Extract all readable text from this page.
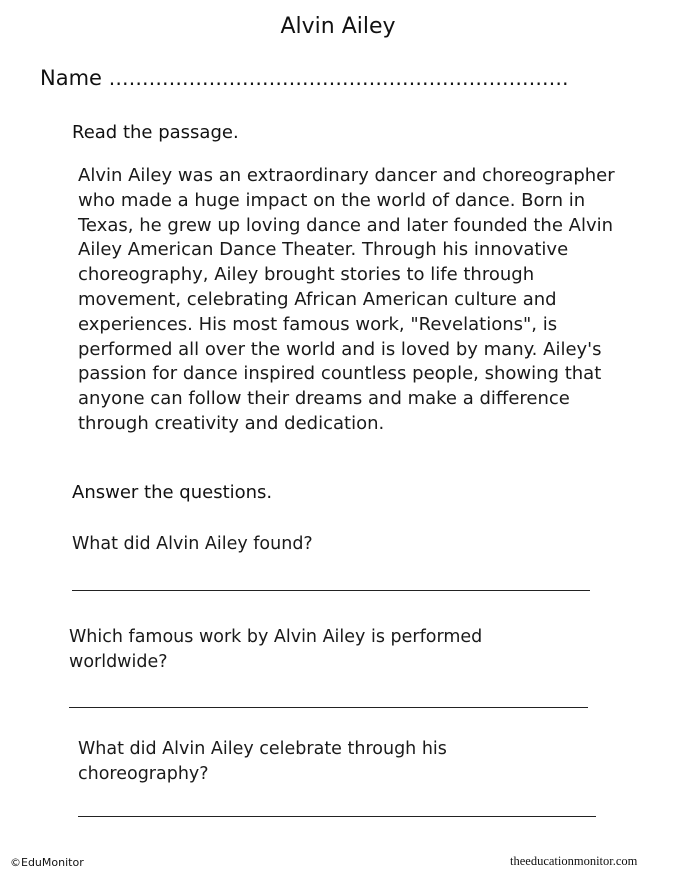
Alvin Ailey
Name ……………………………………………………………
Read the passage.
Alvin Ailey was an extraordinary dancer and choreographer who made a huge impact on the world of dance. Born in Texas, he grew up loving dance and later founded the Alvin Ailey American Dance Theater. Through his innovative choreography, Ailey brought stories to life through movement, celebrating African American culture and experiences. His most famous work, "Revelations", is performed all over the world and is loved by many. Ailey's passion for dance inspired countless people, showing that anyone can follow their dreams and make a difference through creativity and dedication.
Answer the questions.
What did Alvin Ailey found?
Which famous work by Alvin Ailey is performed worldwide?
What did Alvin Ailey celebrate through his choreography?
©EduMonitor	theeducationmonitor.com
